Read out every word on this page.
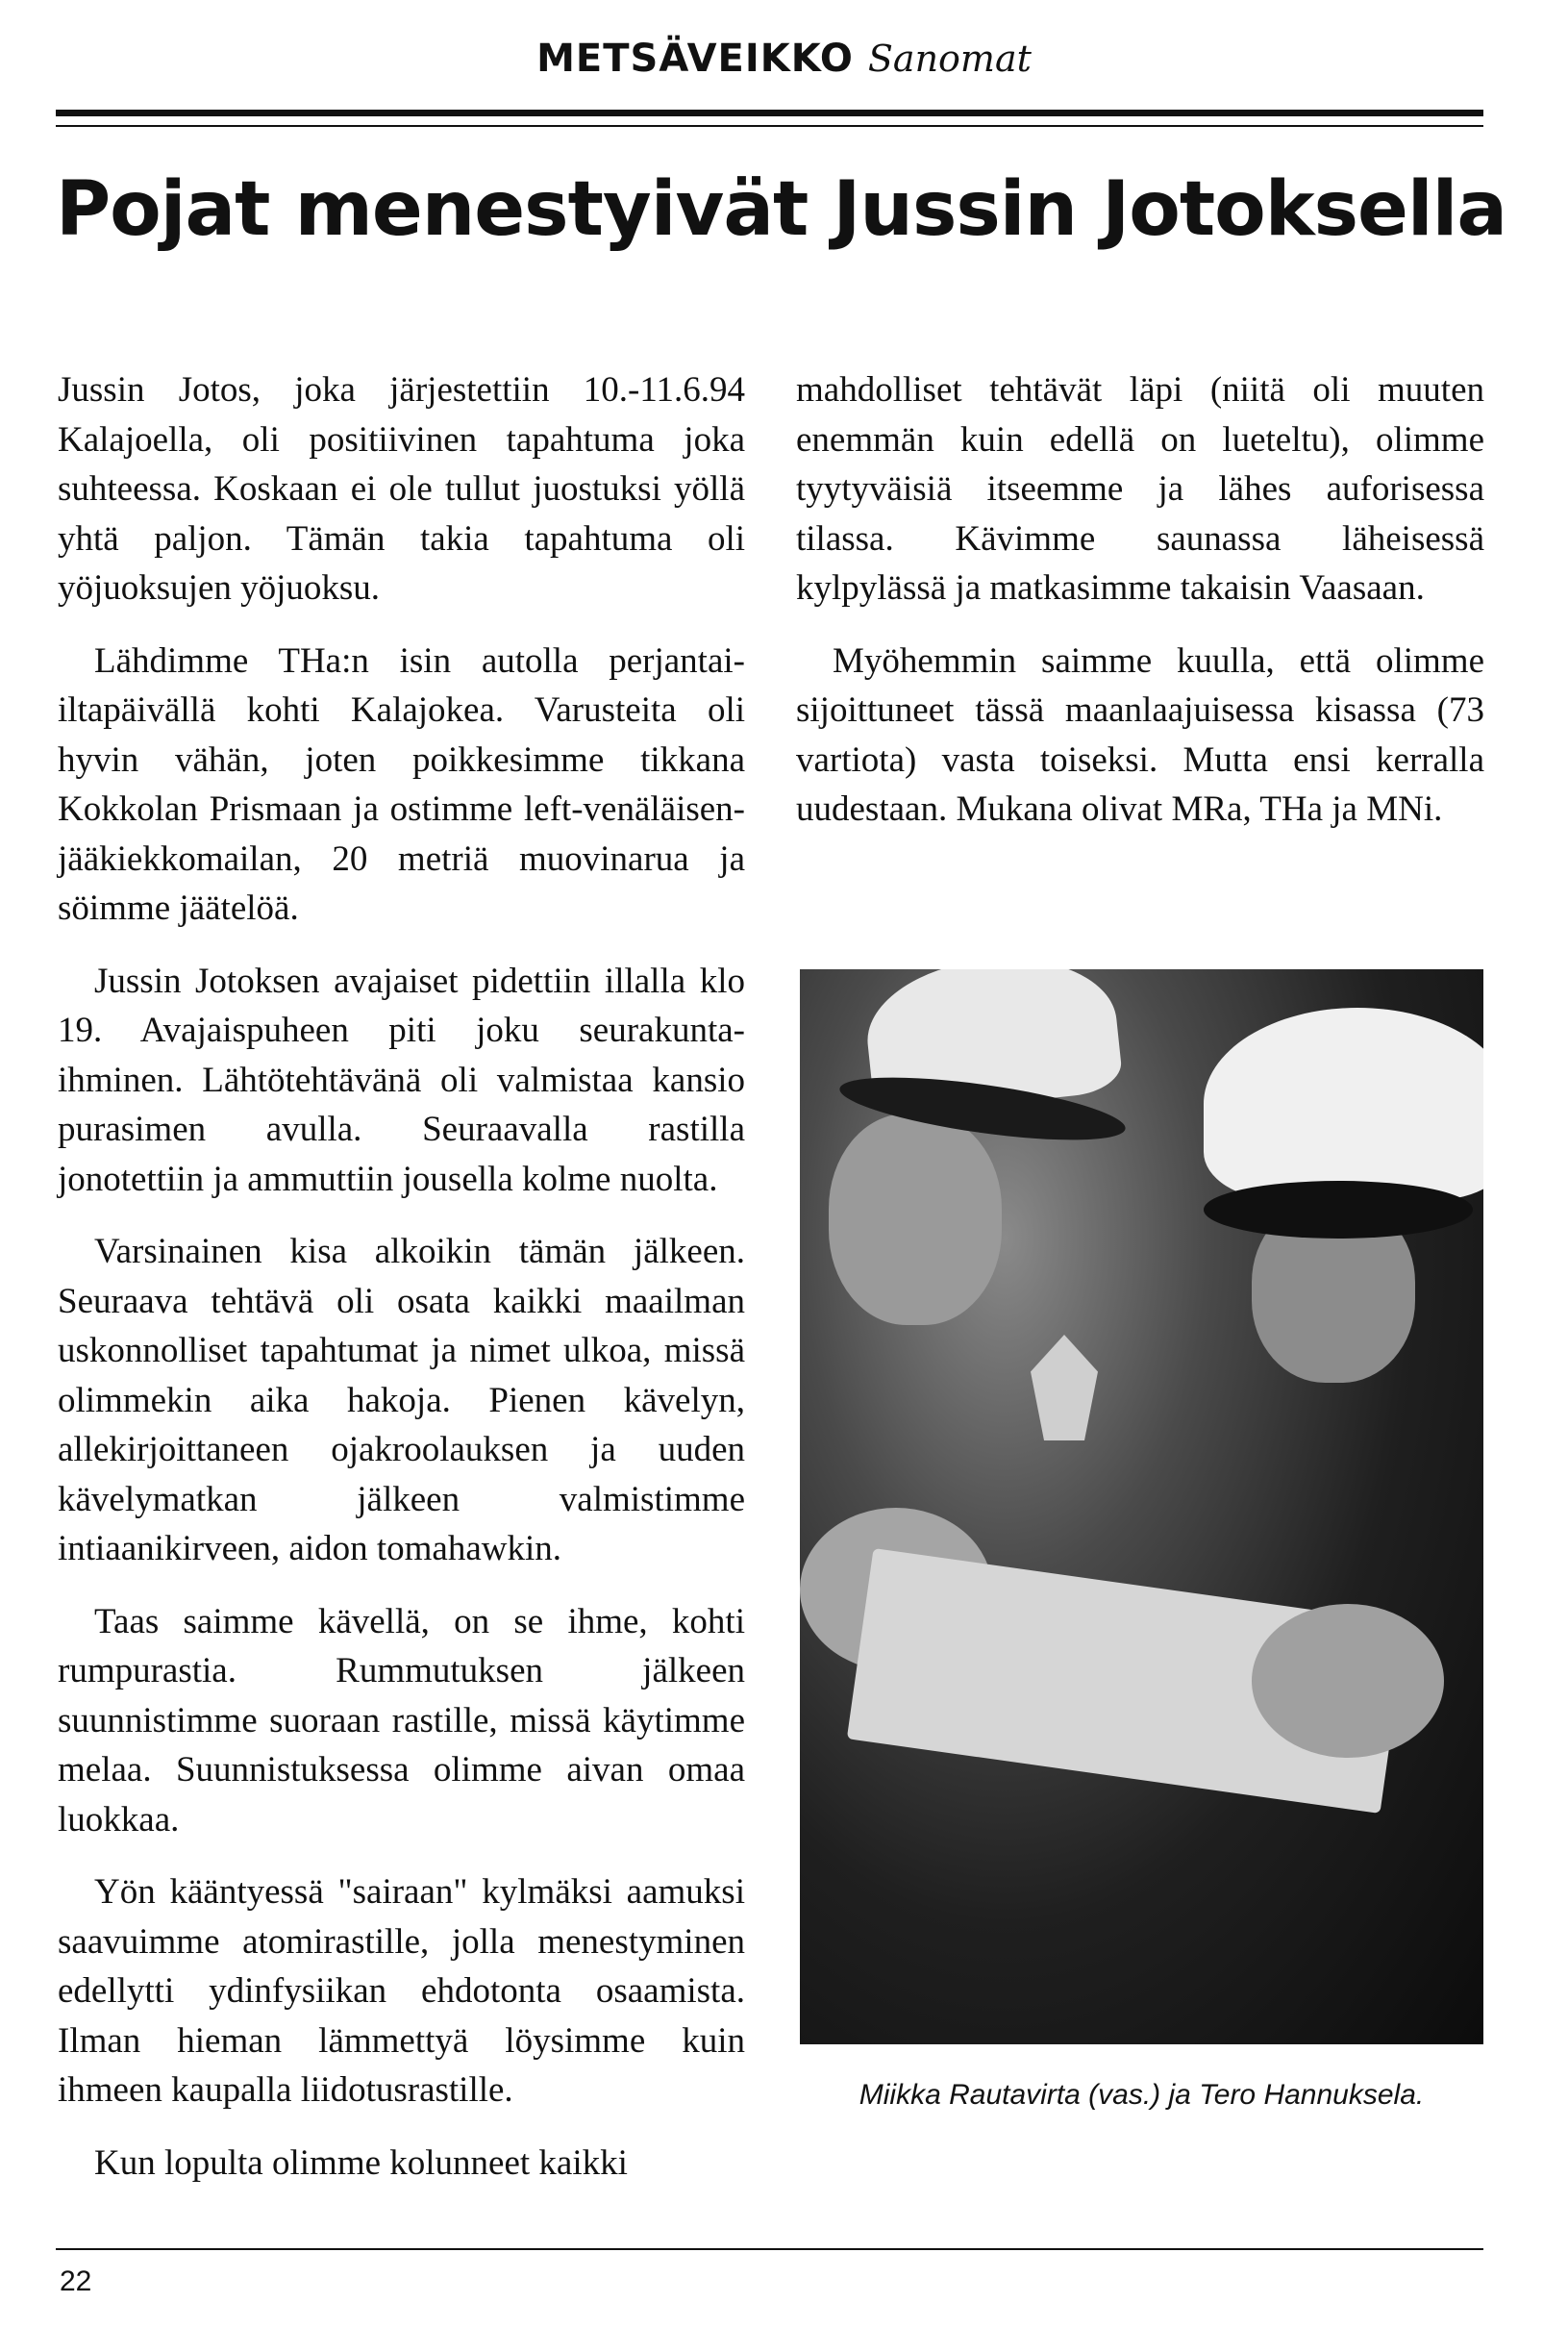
METSÄVEIKKO Sanomat
Pojat menestyivät Jussin Jotoksella

Jussin Jotos, joka järjestettiin 10.-11.6.94 Kalajoella, oli positiivinen tapahtuma joka suhteessa. Koskaan ei ole tullut juostuksi yöllä yhtä paljon. Tämän takia tapahtuma oli yöjuoksujen yöjuoksu.

Lähdimme THa:n isin autolla perjantai-iltapäivällä kohti Kalajokea. Varusteita oli hyvin vähän, joten poikkesimme tikkana Kokkolan Prismaan ja ostimme left-venäläisen-jääkiekkomailan, 20 metriä muovinarua ja söimme jäätelöä.

Jussin Jotoksen avajaiset pidettiin illalla klo 19. Avajaispuheen piti joku seurakunta-ihminen. Lähtötehtävänä oli valmistaa kansio purasimen avulla. Seuraavalla rastilla jonotettiin ja ammuttiin jousella kolme nuolta.

Varsinainen kisa alkoikin tämän jälkeen. Seuraava tehtävä oli osata kaikki maailman uskonnolliset tapahtumat ja nimet ulkoa, missä olimmekin aika hakoja. Pienen kävelyn, allekirjoittaneen ojakroolauksen ja uuden kävelymatkan jälkeen valmistimme intiaanikirveen, aidon tomahawkin.

Taas saimme kävellä, on se ihme, kohti rumpurastia. Rummutuksen jälkeen suunnistimme suoraan rastille, missä käytimme melaa. Suunnistuksessa olimme aivan omaa luokkaa.

Yön kääntyessä "sairaan" kylmäksi aamuksi saavuimme atomirastille, jolla menestyminen edellytti ydinfysiikan ehdotonta osaamista. Ilman hieman lämmettyä löysimme kuin ihmeen kaupalla liidotusrastille.

Kun lopulta olimme kolunneet kaikki

mahdolliset tehtävät läpi (niitä oli muuten enemmän kuin edellä on lueteltu), olimme tyytyväisiä itseemme ja lähes auforisessa tilassa. Kävimme saunassa läheisessä kylpylässä ja matkasimme takaisin Vaasaan.

Myöhemmin saimme kuulla, että olimme sijoittuneet tässä maanlaajuisessa kisassa (73 vartiota) vasta toiseksi. Mutta ensi kerralla uudestaan. Mukana olivat MRa, THa ja MNi.

Miikka Rautavirta (vas.) ja Tero Hannuksela.
22
